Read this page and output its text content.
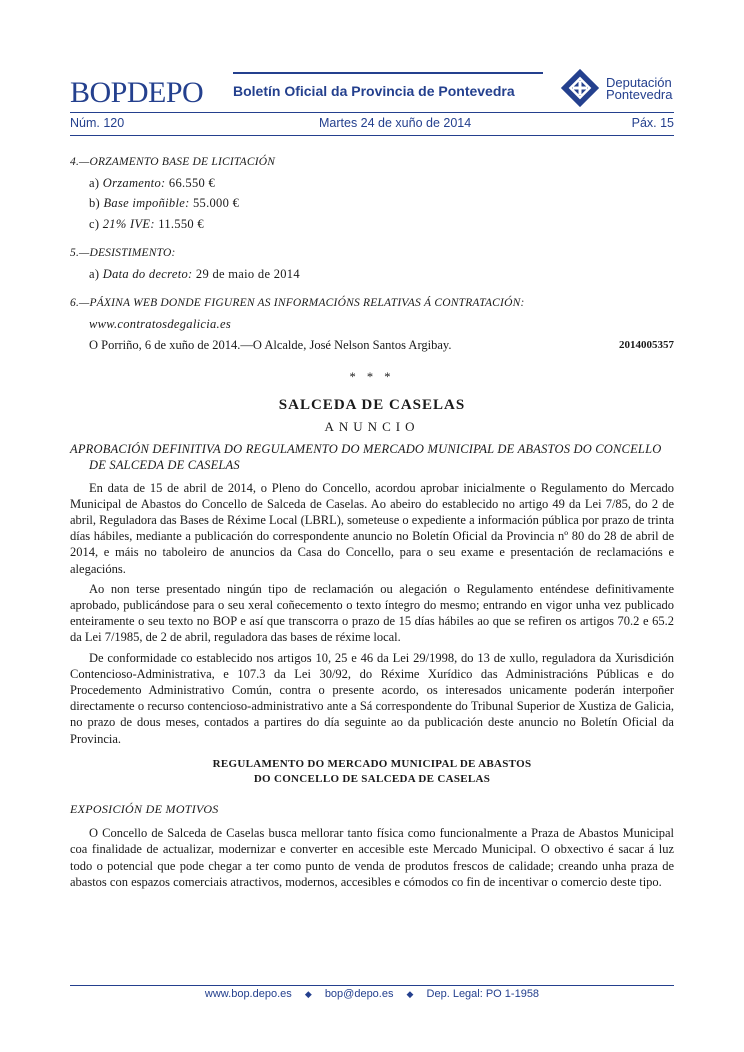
BOPDEPO Boletín Oficial da Provincia de Pontevedra
Deputación
Pontevedra
Núm. 120	Martes 24 de xuño de 2014	Páx. 15
4.—ORZAMENTO BASE DE LICITACIÓN
a) Orzamento: 66.550 €
b) Base impoñible: 55.000 €
c) 21% IVE: 11.550 €
5.—DESISTIMENTO:
a) Data do decreto: 29 de maio de 2014
6.—PÁXINA WEB DONDE FIGUREN AS INFORMACIÓNS RELATIVAS Á CONTRATACIÓN:
www.contratosdegalicia.es
O Porriño, 6 de xuño de 2014.—O Alcalde, José Nelson Santos Argibay.	2014005357
* * *
SALCEDA DE CASELAS
ANUNCIO
APROBACIÓN DEFINITIVA DO REGULAMENTO DO MERCADO MUNICIPAL DE ABASTOS DO CONCELLO DE SALCEDA DE CASELAS
En data de 15 de abril de 2014, o Pleno do Concello, acordou aprobar inicialmente o Regulamento do Mercado Municipal de Abastos do Concello de Salceda de Caselas. Ao abeiro do establecido no artigo 49 da Lei 7/85, do 2 de abril, Reguladora das Bases de Réxime Local (LBRL), someteuse o expediente a información pública por prazo de trinta días hábiles, mediante a publicación do correspondente anuncio no Boletín Oficial da Provincia nº 80 do 28 de abril de 2014, e máis no taboleiro de anuncios da Casa do Concello, para o seu exame e presentación de reclamacións e alegacións.
Ao non terse presentado ningún tipo de reclamación ou alegación o Regulamento enténdese definitivamente aprobado, publicándose para o seu xeral coñecemento o texto íntegro do mesmo; entrando en vigor unha vez publicado enteiramente o seu texto no BOP e así que transcorra o prazo de 15 días hábiles ao que se refiren os artigos 70.2 e 65.2 da Lei 7/1985, de 2 de abril, reguladora das bases de réxime local.
De conformidade co establecido nos artigos 10, 25 e 46 da Lei 29/1998, do 13 de xullo, reguladora da Xurisdición Contencioso-Administrativa, e 107.3 da Lei 30/92, do Réxime Xurídico das Administracións Públicas e do Procedemento Administrativo Común, contra o presente acordo, os interesados unicamente poderán interpoñer directamente o recurso contencioso-administrativo ante a Sá correspondente do Tribunal Superior de Xustiza de Galicia, no prazo de dous meses, contados a partires do día seguinte ao da publicación deste anuncio no Boletín Oficial da Provincia.
REGULAMENTO DO MERCADO MUNICIPAL DE ABASTOS
DO CONCELLO DE SALCEDA DE CASELAS
EXPOSICIÓN DE MOTIVOS
O Concello de Salceda de Caselas busca mellorar tanto física como funcionalmente a Praza de Abastos Municipal coa finalidade de actualizar, modernizar e converter en accesible este Mercado Municipal. O obxectivo é sacar á luz todo o potencial que pode chegar a ter como punto de venda de produtos frescos de calidade; creando unha praza de abastos con espazos comerciais atractivos, modernos, accesibles e cómodos co fin de incentivar o comercio deste tipo.
www.bop.depo.es ◆ bop@depo.es ◆ Dep. Legal: PO 1-1958
